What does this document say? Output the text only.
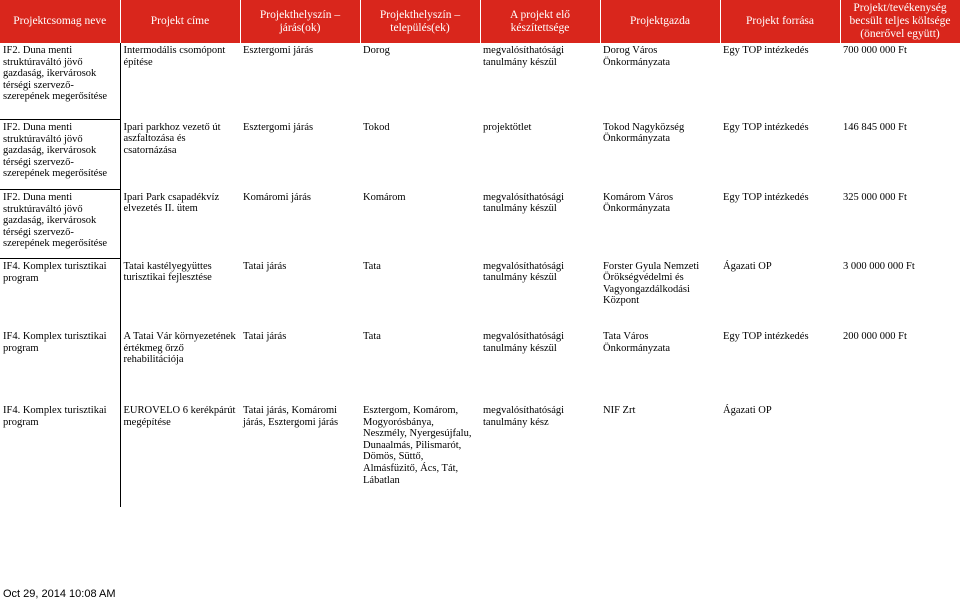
Projektcsomag neve	Projekt címe	Projekthelyszín – járás(ok)	Projekthelyszín – település(ek)	A projekt elő készítettsége	Projektgazda	Projekt forrása	Projekt/tevékenység becsült teljes költsége (önerővel együtt)
IF2. Duna menti struktúraváltó jövő gazdaság, ikervárosok térségi szervező- szerepének megerősítése	Intermodális csomópont építése	Esztergomi járás	Dorog	megvalósíthatósági tanulmány készül	Dorog Város Önkormányzata	Egy TOP intézkedés	700 000 000 Ft
IF2. Duna menti struktúraváltó jövő gazdaság, ikervárosok térségi szervező- szerepének megerősítése	Ipari parkhoz vezető út aszfaltozása és csatornázása	Esztergomi járás	Tokod	projektötlet	Tokod Nagyközség Önkormányzata	Egy TOP intézkedés	146 845 000 Ft
IF2. Duna menti struktúraváltó jövő gazdaság, ikervárosok térségi szervező- szerepének megerősítése	Ipari Park csapadékvíz elvezetés II. ütem	Komáromi járás	Komárom	megvalósíthatósági tanulmány készül	Komárom Város Önkormányzata	Egy TOP intézkedés	325 000 000 Ft
IF4. Komplex turisztikai program	Tatai kastélyegyüttes turisztikai fejlesztése	Tatai járás	Tata	megvalósíthatósági tanulmány készül	Forster Gyula Nemzeti Örökségvédelmi és Vagyongazdálkodási Központ	Ágazati OP	3 000 000 000 Ft
IF4. Komplex turisztikai program	A Tatai Vár környezetének értékmeg őrző rehabilitációja	Tatai járás	Tata	megvalósíthatósági tanulmány készül	Tata Város Önkormányzata	Egy TOP intézkedés	200 000 000 Ft
IF4. Komplex turisztikai program	EUROVELO 6 kerékpárút megépítése	Tatai járás, Komáromi járás, Esztergomi járás	Esztergom, Komárom, Mogyorósbánya, Neszmély, Nyergesújfalu, Dunaalmás, Pilismarót, Dömös, Süttő, Almásfüzitő, Ács, Tát, Lábatlan	megvalósíthatósági tanulmány kész	NIF Zrt	Ágazati OP	
Oct 29, 2014 10:08 AM
